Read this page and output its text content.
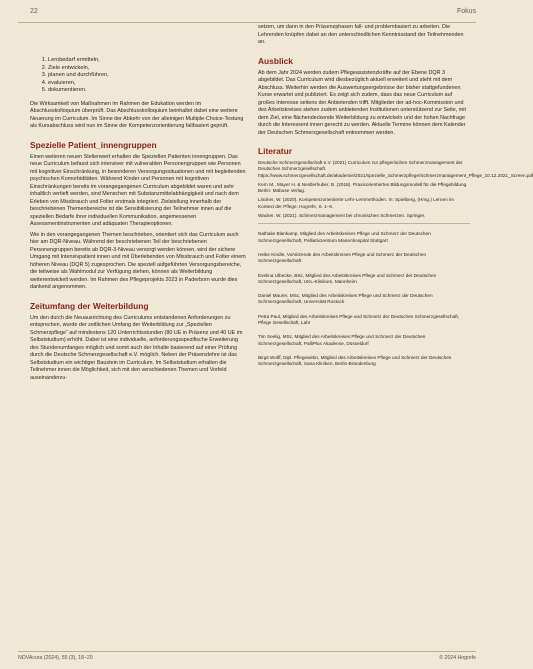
22	Fokus
1. Lernbedarf ermitteln,
2. Ziele entwickeln,
3. planen und durchführen,
4. evaluieren,
5. dokumentieren.

Die Wirksamkeit von Maßnahmen im Rahmen der Edukation werden im Abschlusskolloquium überprüft. Das Abschlusskolloquium beinhaltet dabei eine weitere Neuerung im Curriculum. Im Sinne der Abkehr von der alleinigen Multiple-Choice-Testung als Kursabschluss wird nun im Sinne der Kompetenzorientierung fallbasiert geprüft.

Spezielle Patient_innengruppen

Einen weiteren neuen Stellenwert erhalten die Speziellen Patienten innengruppen. Das neue Curriculum befasst sich intensiver mit vulnerablen Personengruppen wie Personen mit kognitiver Einschränkung, in besonderen Versorgungssituationen und mit begleitenden psychischen Komorbiditäten. Während Kinder und Personen mit kognitiven Einschränkungen bereits im vorangegangenen Curriculum abgebildet waren und sehr inhaltlich vertieft werden, sind Menschen mit Substanzmittelabhängigkeit und nach dem Erleben von Missbrauch und Folter erstmals integriert. Zielstellung innerhalb der beschriebenen Themenbereiche ist die Sensibilisierung der Teilnehmer innen auf die speziellen Bedarfe ihrer individuellen Kommunikation, angemessenen Assessmentinstrumenten und adäquaten Therapieoptionen.

Wie in den vorangegangenen Themen beschrieben, orientiert sich das Curriculum auch hier am DQR-Niveau. Während der beschriebenen Teil der beschriebenen Personengruppen bereits ab DQR-3-Niveau versorgt werden können, wird der sichere Umgang mit Intensivpatient innen und mit Überlebenden von Missbrauch und Folter einem höheren Niveau (DQR 5) zugesprochen. Die speziell aufgeführten Versorgungsbereiche, die teilweise als Wahlmodul zur Verfügung stehen, können als Weiterbildung weiterentwickelt werden. Im Rahmen des Pflegeprojekts 2023 in Paderborn wurde dies dankend angenommen.

Zeitumfang der Weiterbildung

Um den durch die Neuausrichtung des Curriculums entstandenen Anforderungen zu entsprechen, wurde der zeitlichen Umfang der Weiterbildung zur „Speziellen Schmerzpflege“ auf mindestens 120 Unterrichtsstunden (80 UE in Präsenz und 40 UE im Selbststudium) erhöht. Dabei ist eine individuelle, anforderungsspezifische Erweiterung des Stundenumfanges möglich und somit auch der Inhalte basierend auf einer Prüfung durch die Deutsche Schmerzgesellschaft e.V. möglich. Neben der Präsenzlehre ist das Selbststudium ein wichtiger Baustein im Curriculum. Im Selbststudium erhalten die Teilnehmer innen die Möglichkeit, sich mit den verschiedenen Themen und Vorfeld auseinanderzu-

setzen, um dann in den Präsenzphasen fall- und problembasiert zu arbeiten. Die Lehrenden knüpfen dabei an den unterschiedlichen Kenntnisstand der Teilnehmenden an.

Ausblick

Ab dem Jahr 2024 werden zudem Pflegeassistenzkräfte auf der Ebene DQR 3 abgebildet. Das Curriculum wird diesbezüglich aktuell erweitert und steht mit dem Abschluss. Weiterhin werden die Auswertungsergebnisse der bisher stattgefundenen Kurse erwartet und publiziert. Es zeigt sich zudem, dass das neue Curriculum auf großes Interesse seitens der Anbietenden trifft. Mitglieder der ad-hoc-Kommission und des Arbeitskreises stehen zudem anbietenden Institutionen unterstützend zur Seite, mit dem Ziel, eine flächendeckende Weiterbildung zu entwickeln und der hohen Nachfrage durch die Interessent innen gerecht zu werden. Aktuelle Termine können dem Kalender der Deutschen Schmerzgesellschaft entnommen werden.

Literatur

Deutsche Schmerzgesellschaft e.V. (2021) Curriculum zur pflegerischen Schmerzmanagement der Deutschen Schmerzgesellschaft. https://www.schmerzgesellschaft.de/akademie/2021/spezielle_Schmerzpflege/Schmerzmanagement_Pflege_10.12.2021_Screen.pdf

Kern M., Mayer H. & Nestlerhuber, B. (2018). Praxisorientiertes Bildungsmodell für die Pflegebildung. Berlin: Mabuse Verlag.

Lindner, W. (2020). Kompetenzorientierte Lehr-Lernmethoden. In: Spielberg, (Hrsg.) Lernen im Kontext der Pflege. Hogrefe, S. 1–6.

Wacker, W. (2021). Schmerzmanagement bei chronischen Schmerzen. Springer.

Nathalie Blankamp, Mitglied des Arbeitskreises Pflege und Schmerz der Deutschen Schmerzgesellschaft, Palliativzentrum Marienhospital Stuttgart

Heike Kindle, Vorsitzende des Arbeitskreises Pflege und Schmerz der Deutschen Schmerzgesellschaft

Evelina Ulbecke, BSc, Mitglied des Arbeitskreises Pflege und Schmerz der Deutschen Schmerzgesellschaft, UKL-Klinikum, Mannheim

Daniel Maurer, MSc, Mitglied des Arbeitskreises Pflege und Schmerz der Deutschen Schmerzgesellschaft, Universität Rostock

Petra Paul, Mitglied des Arbeitskreises Pflege und Schmerz der Deutschen Schmerzgesellschaft, Pflege Gesellschaft, Lahr

Tim Seelig, MSc, Mitglied des Arbeitskreises Pflege und Schmerz der Deutschen Schmerzgesellschaft, PalliPlus Akademie, Düsseldorf

Birgit Wolff, Dipl. Pflegewirtin, Mitglied des Arbeitskreises Pflege und Schmerz der Deutschen Schmerzgesellschaft, Sana Kliniken, Berlin-Brandenburg

NOVAcura (2024), 55 (3), 18–20	© 2024 Hogrefe
